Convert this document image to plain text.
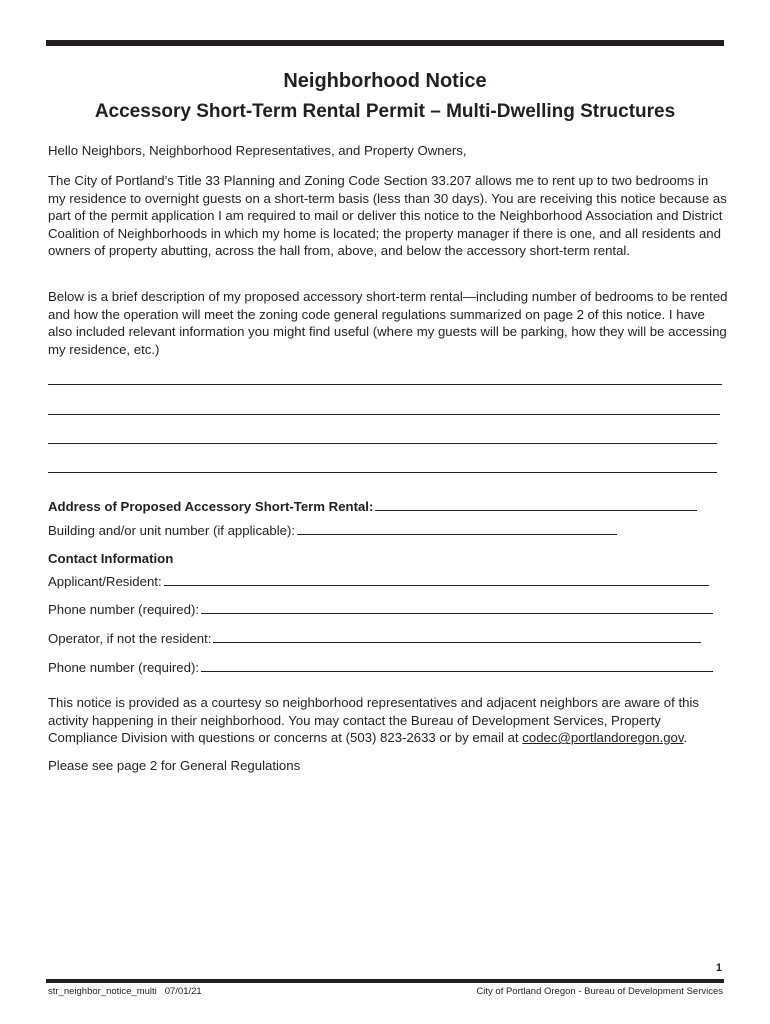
Neighborhood Notice
Accessory Short-Term Rental Permit – Multi-Dwelling Structures

Hello Neighbors, Neighborhood Representatives, and Property Owners,

The City of Portland’s Title 33 Planning and Zoning Code Section 33.207 allows me to rent up to two bedrooms in my residence to overnight guests on a short-term basis (less than 30 days). You are receiving this notice because as part of the permit application I am required to mail or deliver this notice to the Neighborhood Association and District Coalition of Neighborhoods in which my home is located; the property manager if there is one, and all residents and owners of property abutting, across the hall from, above, and below the accessory short-term rental.

Below is a brief description of my proposed accessory short-term rental—including number of bedrooms to be rented and how the operation will meet the zoning code general regulations summarized on page 2 of this notice. I have also included relevant information you might find useful (where my guests will be parking, how they will be accessing my residence, etc.)

Address of Proposed Accessory Short-Term Rental:
Building and/or unit number (if applicable):
Contact Information
Applicant/Resident:
Phone number (required):
Operator, if not the resident:
Phone number (required):

This notice is provided as a courtesy so neighborhood representatives and adjacent neighbors are aware of this activity happening in their neighborhood. You may contact the Bureau of Development Services, Property Compliance Division with questions or concerns at (503) 823-2633 or by email at codec@portlandoregon.gov.

Please see page 2 for General Regulations

1
str_neighbor_notice_multi   07/01/21	City of Portland Oregon - Bureau of Development Services
